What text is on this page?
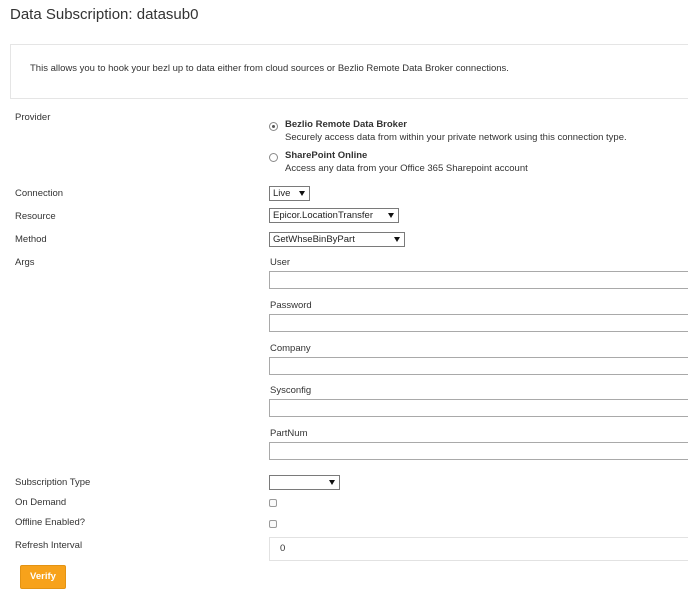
Data Subscription: datasub0
This allows you to hook your bezl up to data either from cloud sources or Bezlio Remote Data Broker connections.
Provider
Bezlio Remote Data Broker
Securely access data from within your private network using this connection type.
SharePoint Online
Access any data from your Office 365 Sharepoint account
Connection	Live
Resource	Epicor.LocationTransfer
Method	GetWhseBinByPart
Args	User
Password
Company
Sysconfig
PartNum
Subscription Type
On Demand
Offline Enabled?
Refresh Interval	0
Verify
